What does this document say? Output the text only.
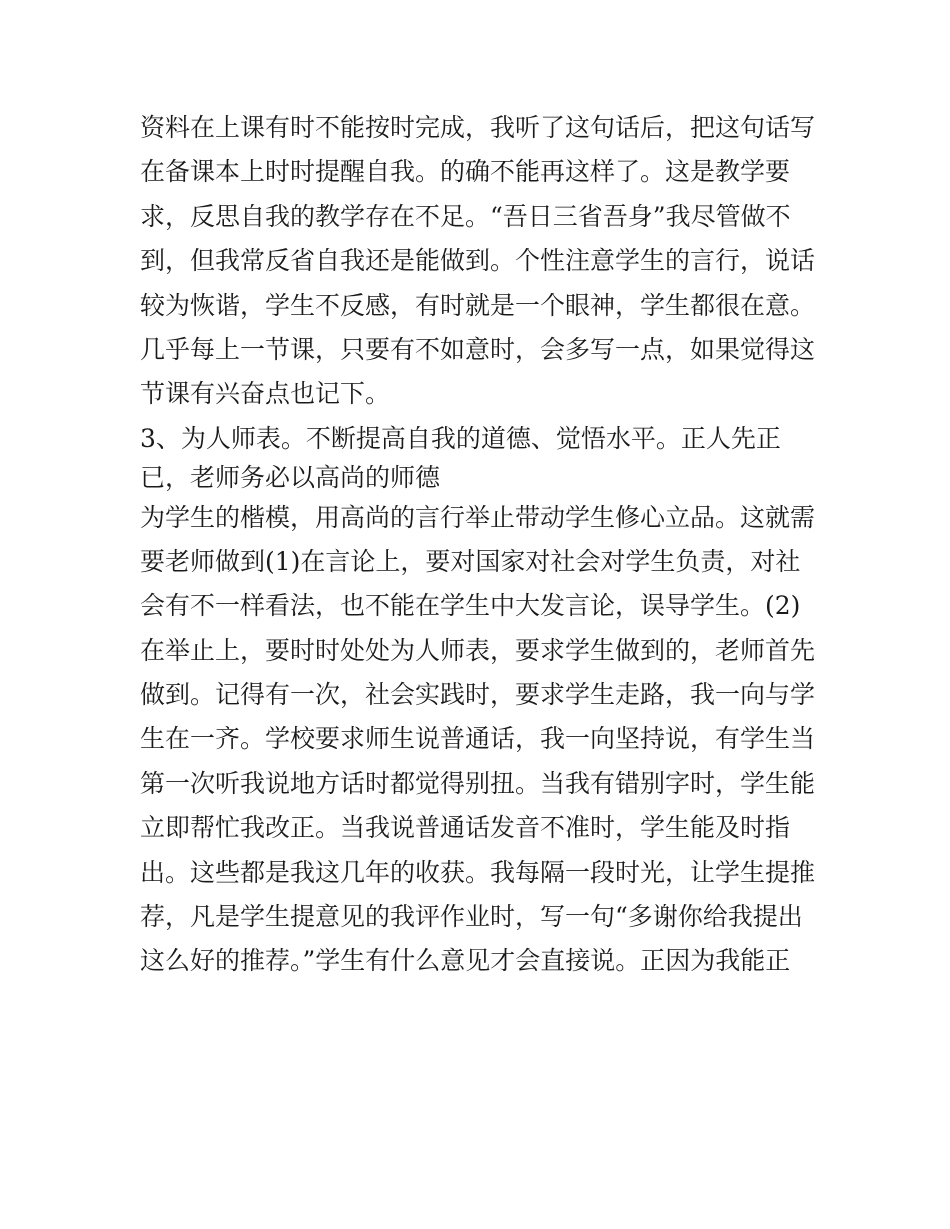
资料在上课有时不能按时完成，我听了这句话后，把这句话写
在备课本上时时提醒自我。的确不能再这样了。这是教学要
求，反思自我的教学存在不足。“吾日三省吾身”我尽管做不
到，但我常反省自我还是能做到。个性注意学生的言行，说话
较为恢谐，学生不反感，有时就是一个眼神，学生都很在意。
几乎每上一节课，只要有不如意时，会多写一点，如果觉得这
节课有兴奋点也记下。
3、为人师表。不断提高自我的道德、觉悟水平。正人先正
已，老师务必以高尚的师德
为学生的楷模，用高尚的言行举止带动学生修心立品。这就需
要老师做到(1)在言论上，要对国家对社会对学生负责，对社
会有不一样看法，也不能在学生中大发言论，误导学生。(2)
在举止上，要时时处处为人师表，要求学生做到的，老师首先
做到。记得有一次，社会实践时，要求学生走路，我一向与学
生在一齐。学校要求师生说普通话，我一向坚持说，有学生当
第一次听我说地方话时都觉得别扭。当我有错别字时，学生能
立即帮忙我改正。当我说普通话发音不准时，学生能及时指
出。这些都是我这几年的收获。我每隔一段时光，让学生提推
荐，凡是学生提意见的我评作业时，写一句“多谢你给我提出
这么好的推荐。”学生有什么意见才会直接说。正因为我能正
